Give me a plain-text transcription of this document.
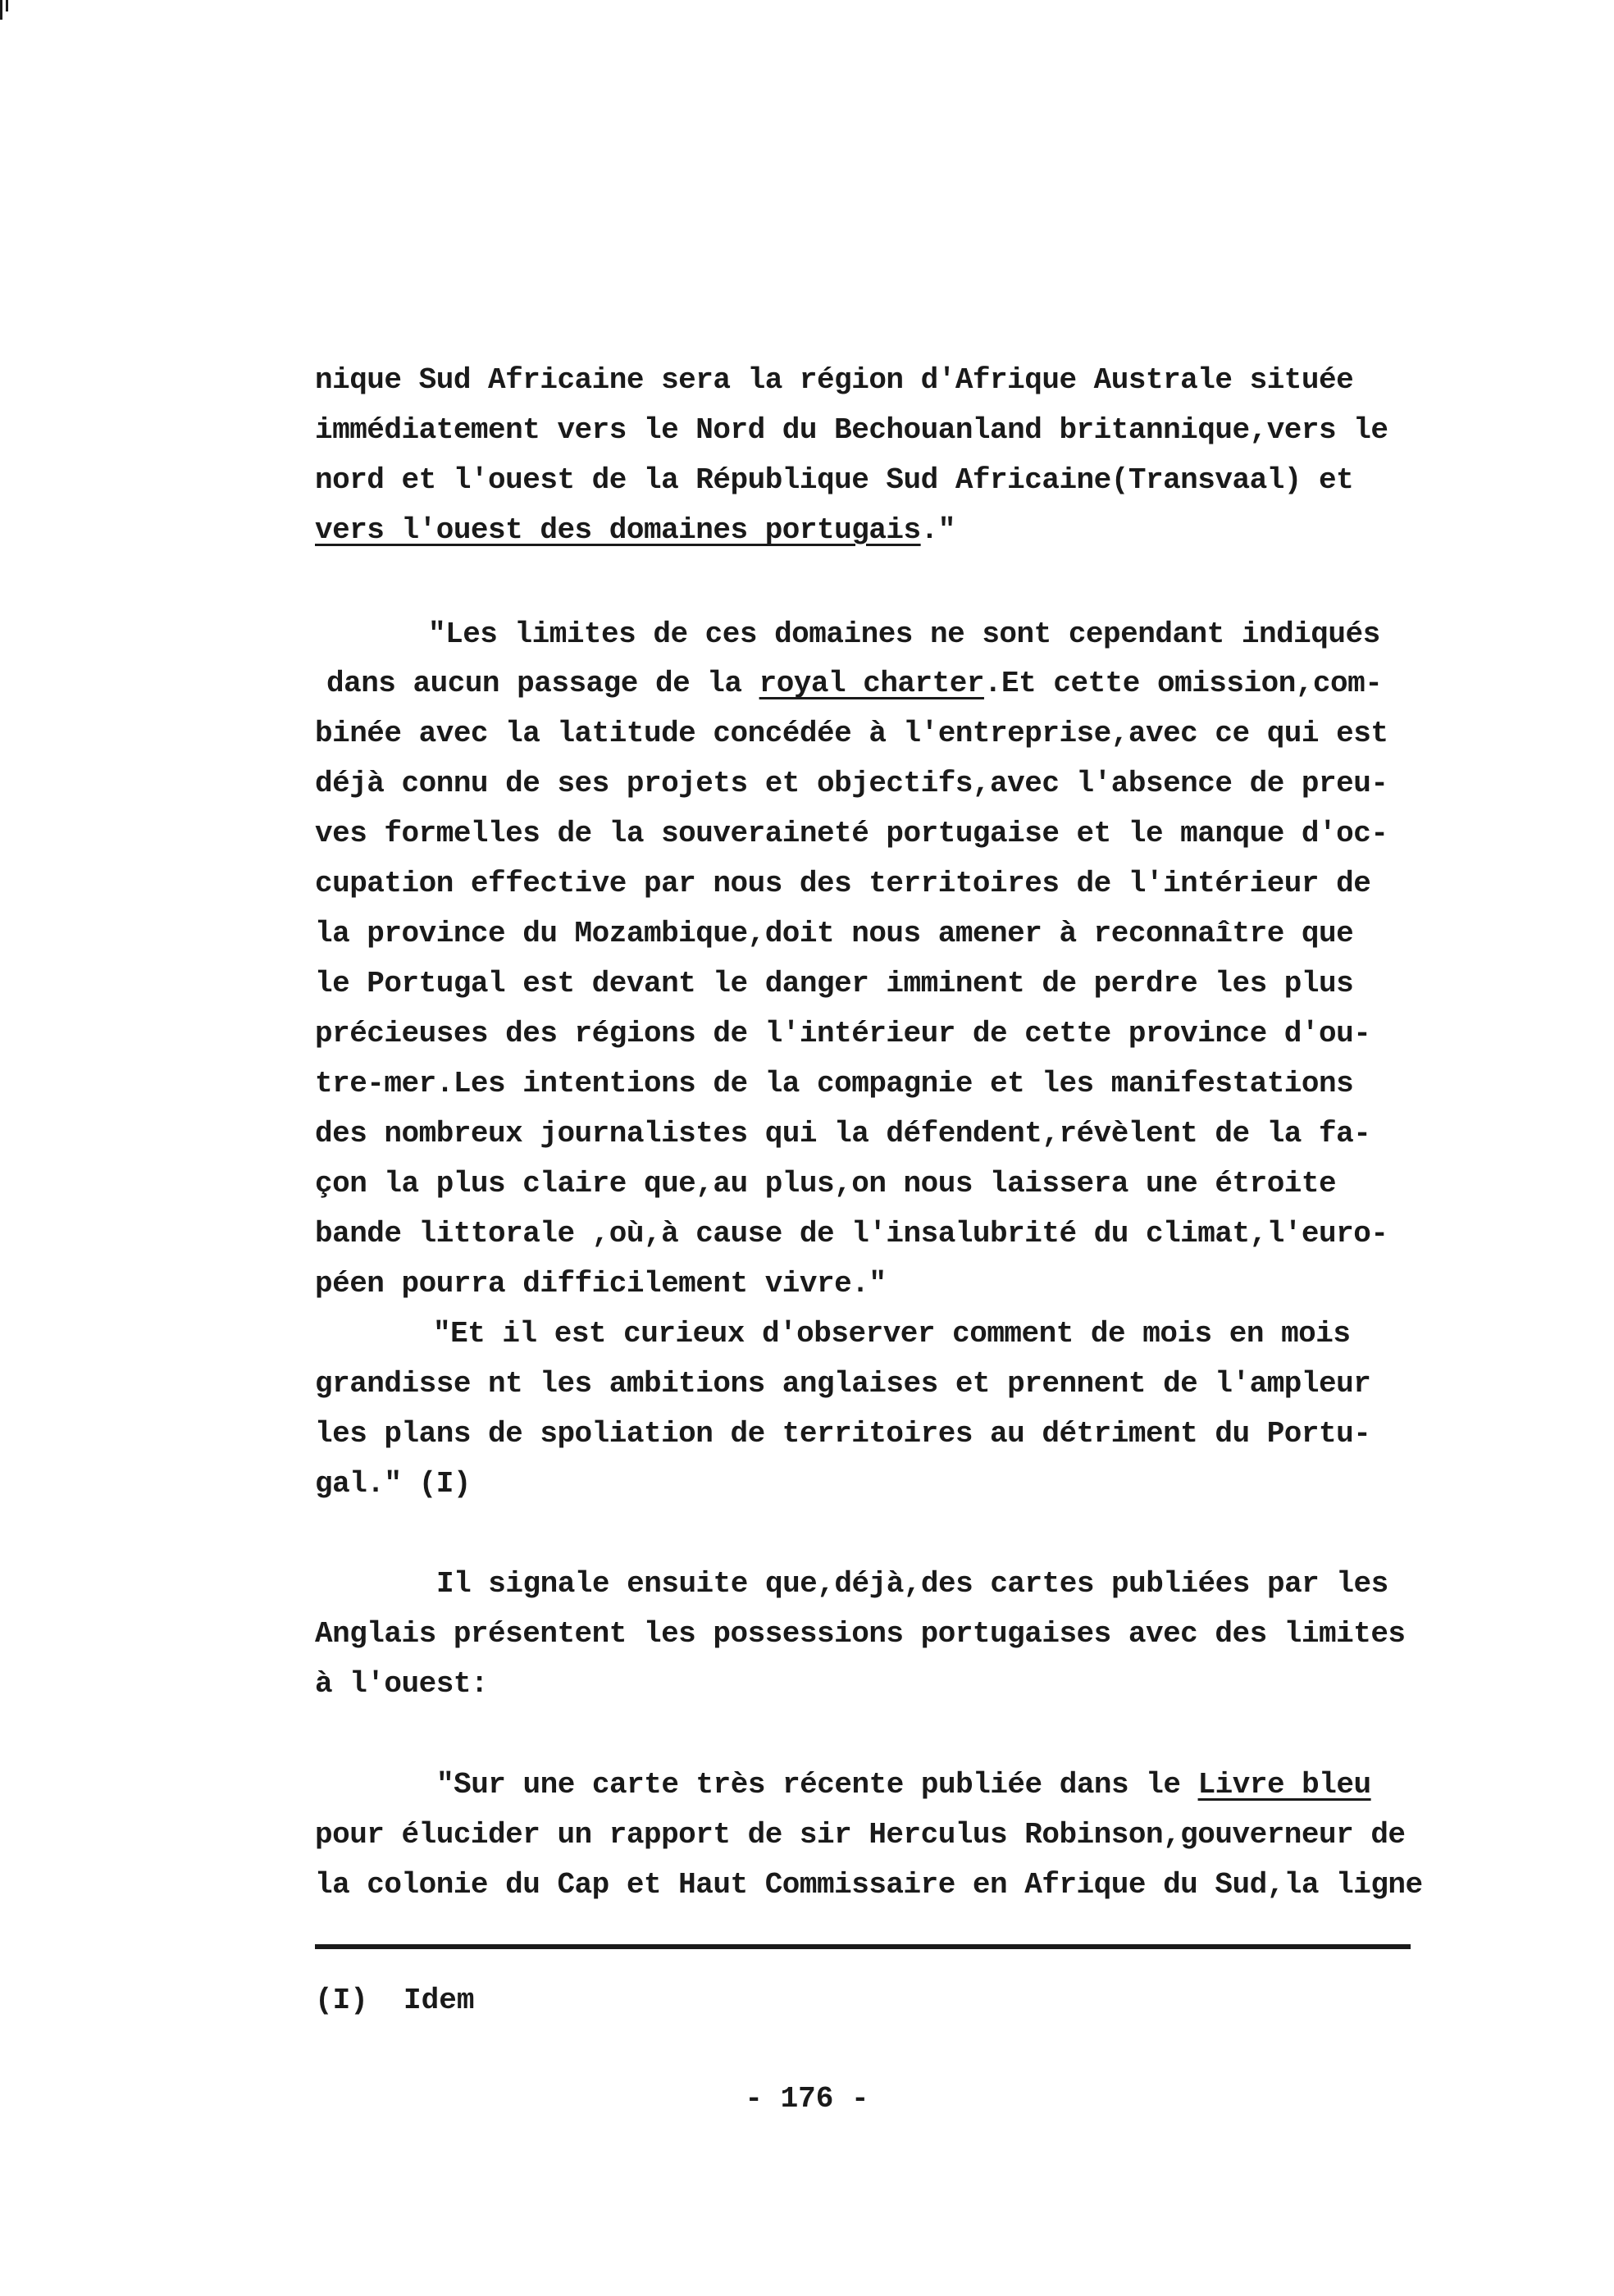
nique Sud Africaine sera la région d'Afrique Australe située
immédiatement vers le Nord du Bechouanland britannique,vers le
nord et l'ouest de la République Sud Africaine(Transvaal) et
vers l'ouest des domaines portugais."
"Les limites de ces domaines ne sont cependant indiqués
dans aucun passage de la royal charter.Et cette omission,com-
binée avec la latitude concédée à l'entreprise,avec ce qui est
déjà connu de ses projets et objectifs,avec l'absence de preu-
ves formelles de la souveraineté portugaise et le manque d'oc-
cupation effective par nous des territoires de l'intérieur de
la province du Mozambique,doit nous amener à reconnaître que
le Portugal est devant le danger imminent de perdre les plus
précieuses des régions de l'intérieur de cette province d'ou-
tre-mer.Les intentions de la compagnie et les manifestations
des nombreux journalistes qui la défendent,révèlent de la fa-
çon la plus claire que,au plus,on nous laissera une étroite
bande littorale ,où,à cause de l'insalubrité du climat,l'euro-
péen pourra difficilement vivre."
"Et il est curieux d'observer comment de mois en mois
grandisse nt les ambitions anglaises et prennent de l'ampleur
les plans de spoliation de territoires au détriment du Portu-
gal." (I)
Il signale ensuite que,déjà,des cartes publiées par les
Anglais présentent les possessions portugaises avec des limites
à l'ouest:
"Sur une carte très récente publiée dans le Livre bleu
pour élucider un rapport de sir Herculus Robinson,gouverneur de
la colonie du Cap et Haut Commissaire en Afrique du Sud,la ligne
(I)  Idem
- 176 -
